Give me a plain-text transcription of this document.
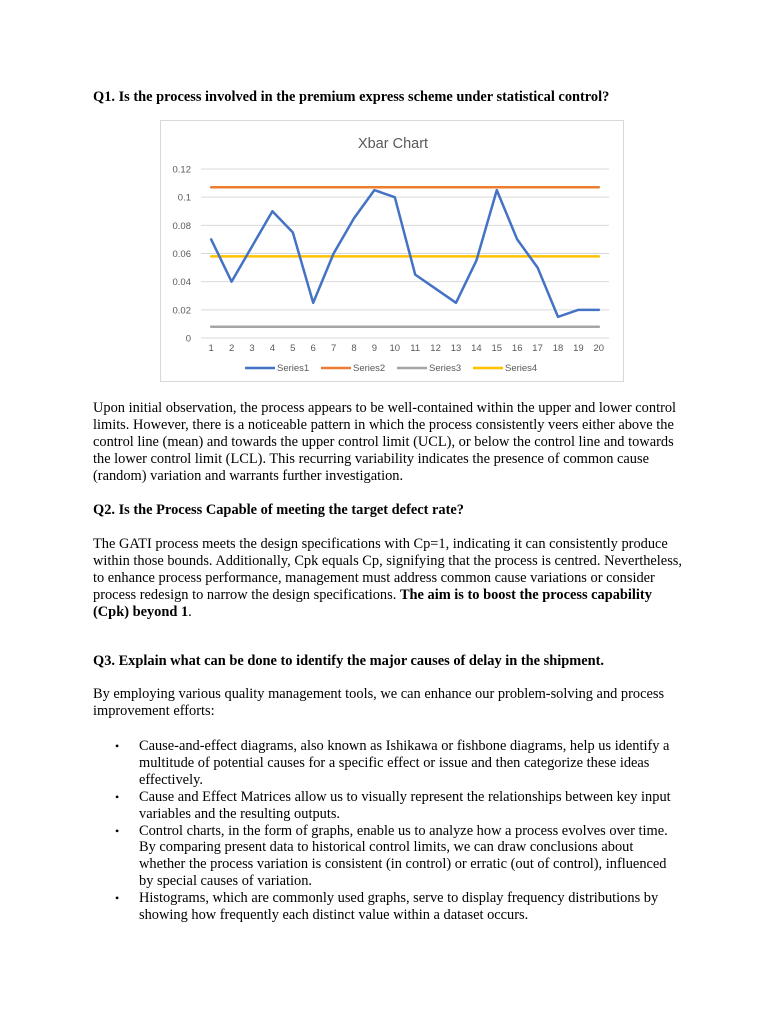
Q1. Is the process involved in the premium express scheme under statistical control?

Upon initial observation, the process appears to be well-contained within the upper and lower control limits. However, there is a noticeable pattern in which the process consistently veers either above the control line (mean) and towards the upper control limit (UCL), or below the control line and towards the lower control limit (LCL). This recurring variability indicates the presence of common cause (random) variation and warrants further investigation.

Q2. Is the Process Capable of meeting the target defect rate?

The GATI process meets the design specifications with Cp=1, indicating it can consistently produce within those bounds. Additionally, Cpk equals Cp, signifying that the process is centred. Nevertheless, to enhance process performance, management must address common cause variations or consider process redesign to narrow the design specifications. The aim is to boost the process capability (Cpk) beyond 1.

Q3. Explain what can be done to identify the major causes of delay in the shipment.

By employing various quality management tools, we can enhance our problem-solving and process improvement efforts:

• Cause-and-effect diagrams, also known as Ishikawa or fishbone diagrams, help us identify a multitude of potential causes for a specific effect or issue and then categorize these ideas effectively.
• Cause and Effect Matrices allow us to visually represent the relationships between key input variables and the resulting outputs.
• Control charts, in the form of graphs, enable us to analyze how a process evolves over time. By comparing present data to historical control limits, we can draw conclusions about whether the process variation is consistent (in control) or erratic (out of control), influenced by special causes of variation.
• Histograms, which are commonly used graphs, serve to display frequency distributions by showing how frequently each distinct value within a dataset occurs.
Xbar Chart
0
0.02
0.04
0.06
0.08
0.1
0.12
1 2 3 4 5 6 7 8 9 10 11 12 13 14 15 16 17 18 19 20
Series1	Series2	Series3	Series4
